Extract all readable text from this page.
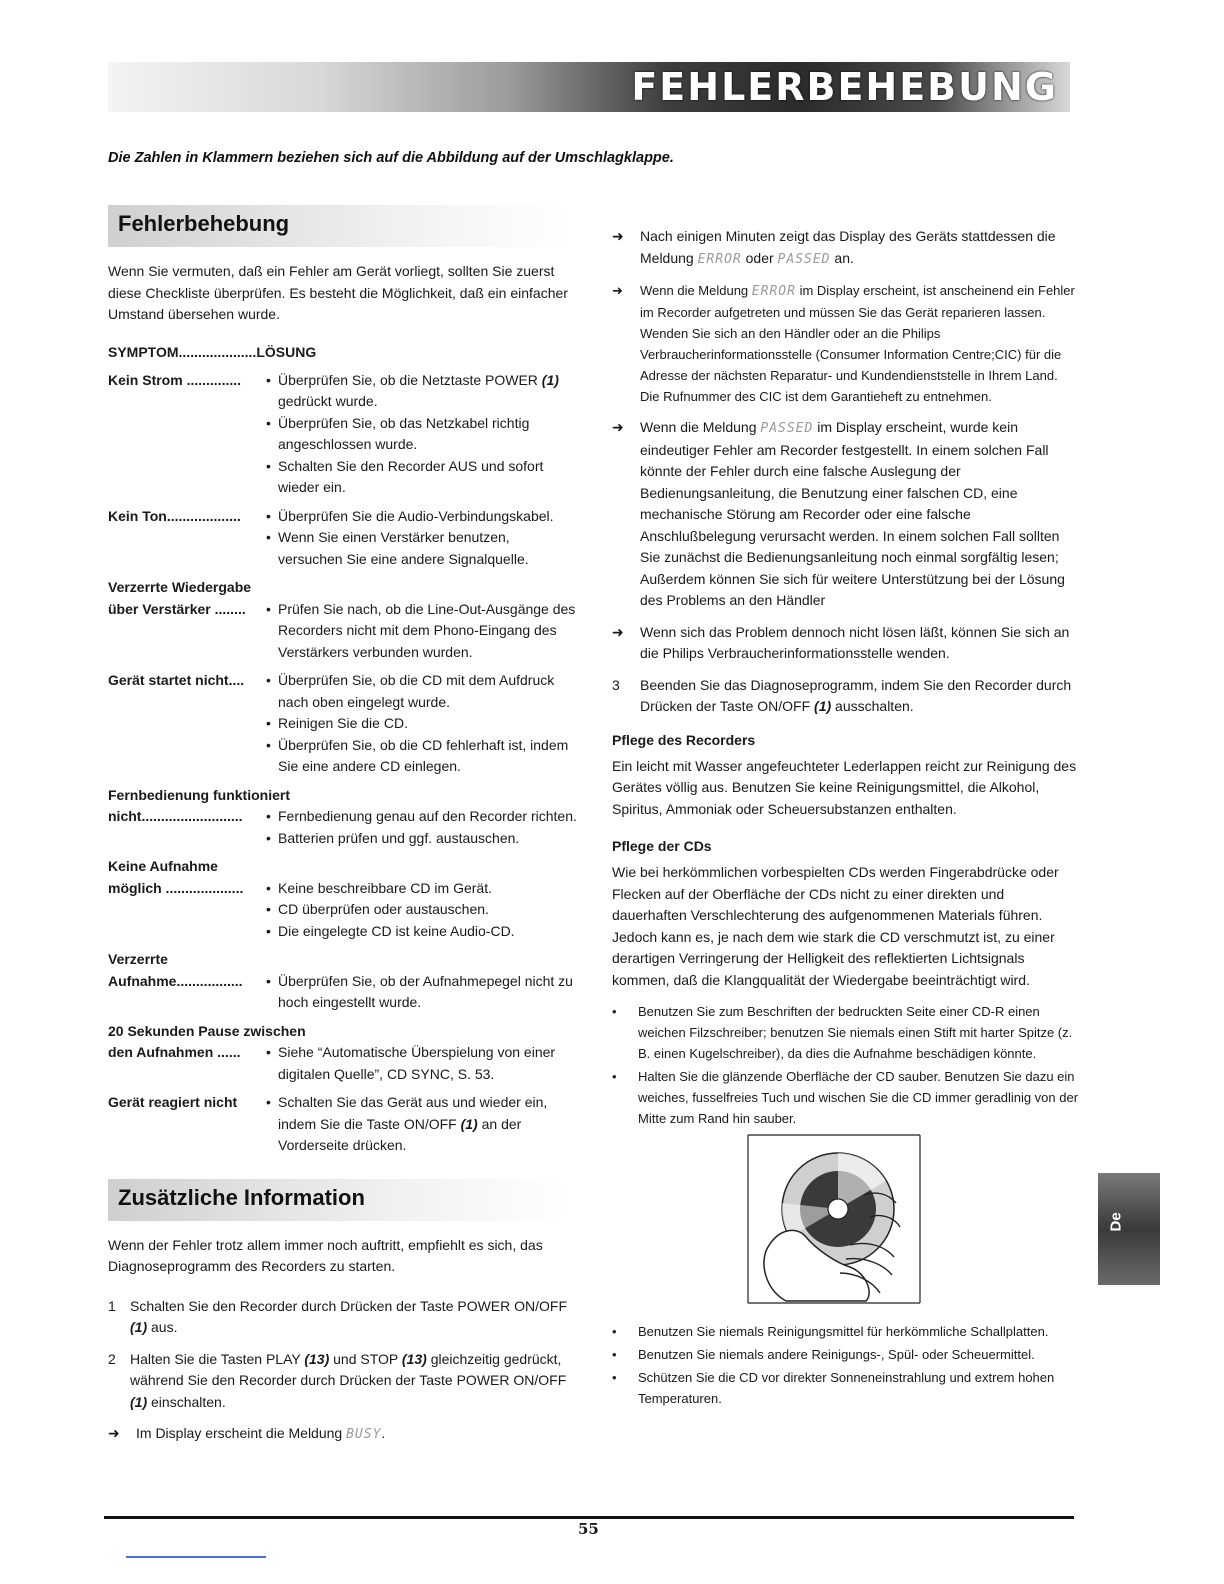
FEHLERBEHEBUNG

Die Zahlen in Klammern beziehen sich auf die Abbildung auf der Umschlagklappe.

Fehlerbehebung

Wenn Sie vermuten, daß ein Fehler am Gerät vorliegt, sollten Sie zuerst diese Checkliste überprüfen. Es besteht die Möglichkeit, daß ein einfacher Umstand übersehen wurde.

SYMPTOM....................LÖSUNG
Kein Strom ..............	• Überprüfen Sie, ob die Netztaste POWER (1) gedrückt wurde.
• Überprüfen Sie, ob das Netzkabel richtig angeschlossen wurde.
• Schalten Sie den Recorder AUS und sofort wieder ein.
Kein Ton...................	• Überprüfen Sie die Audio-Verbindungskabel.
• Wenn Sie einen Verstärker benutzen, versuchen Sie eine andere Signalquelle.
Verzerrte Wiedergabe
über Verstärker ........	• Prüfen Sie nach, ob die Line-Out-Ausgänge des Recorders nicht mit dem Phono-Eingang des Verstärkers verbunden wurden.
Gerät startet nicht....	• Überprüfen Sie, ob die CD mit dem Aufdruck nach oben eingelegt wurde.
• Reinigen Sie die CD.
• Überprüfen Sie, ob die CD fehlerhaft ist, indem Sie eine andere CD einlegen.
Fernbedienung funktioniert
nicht..........................	• Fernbedienung genau auf den Recorder richten.
• Batterien prüfen und ggf. austauschen.
Keine Aufnahme
möglich ....................	• Keine beschreibbare CD im Gerät.
• CD überprüfen oder austauschen.
• Die eingelegte CD ist keine Audio-CD.
Verzerrte
Aufnahme.................	• Überprüfen Sie, ob der Aufnahmepegel nicht zu hoch eingestellt wurde.
20 Sekunden Pause zwischen
den Aufnahmen ......	• Siehe “Automatische Überspielung von einer digitalen Quelle”, CD SYNC, S. 53.
Gerät reagiert nicht	• Schalten Sie das Gerät aus und wieder ein, indem Sie die Taste ON/OFF (1) an der Vorderseite drücken.
Zusätzliche Information

Wenn der Fehler trotz allem immer noch auftritt, empfiehlt es sich, das Diagnoseprogramm des Recorders zu starten.

1	Schalten Sie den Recorder durch Drücken der Taste POWER ON/OFF (1) aus.
2	Halten Sie die Tasten PLAY (13) und STOP (13) gleichzeitig gedrückt, während Sie den Recorder durch Drücken der Taste POWER ON/OFF (1) einschalten.
➜	Im Display erscheint die Meldung BUSY.
➜	Nach einigen Minuten zeigt das Display des Geräts stattdessen die Meldung ERROR oder PASSED an.
➜	Wenn die Meldung ERROR im Display erscheint, ist anscheinend ein Fehler im Recorder aufgetreten und müssen Sie das Gerät reparieren lassen. Wenden Sie sich an den Händler oder an die Philips Verbraucherinformationsstelle (Consumer Information Centre;CIC) für die Adresse der nächsten Reparatur- und Kundendienststelle in Ihrem Land. Die Rufnummer des CIC ist dem Garantieheft zu entnehmen.
➜	Wenn die Meldung PASSED im Display erscheint, wurde kein eindeutiger Fehler am Recorder festgestellt. In einem solchen Fall könnte der Fehler durch eine falsche Auslegung der Bedienungsanleitung, die Benutzung einer falschen CD, eine mechanische Störung am Recorder oder eine falsche Anschlußbelegung verursacht werden. In einem solchen Fall sollten Sie zunächst die Bedienungsanleitung noch einmal sorgfältig lesen; Außerdem können Sie sich für weitere Unterstützung bei der Lösung des Problems an den Händler
➜	Wenn sich das Problem dennoch nicht lösen läßt, können Sie sich an die Philips Verbraucherinformationsstelle wenden.
3	Beenden Sie das Diagnoseprogramm, indem Sie den Recorder durch Drücken der Taste ON/OFF (1) ausschalten.
Pflege des Recorders

Ein leicht mit Wasser angefeuchteter Lederlappen reicht zur Reinigung des Gerätes völlig aus. Benutzen Sie keine Reinigungsmittel, die Alkohol, Spiritus, Ammoniak oder Scheuersubstanzen enthalten.

Pflege der CDs

Wie bei herkömmlichen vorbespielten CDs werden Fingerabdrücke oder Flecken auf der Oberfläche der CDs nicht zu einer direkten und dauerhaften Verschlechterung des aufgenommenen Materials führen. Jedoch kann es, je nach dem wie stark die CD verschmutzt ist, zu einer derartigen Verringerung der Helligkeit des reflektierten Lichtsignals kommen, daß die Klangqualität der Wiedergabe beeinträchtigt wird.

•	Benutzen Sie zum Beschriften der bedruckten Seite einer CD-R einen weichen Filzschreiber; benutzen Sie niemals einen Stift mit harter Spitze (z. B. einen Kugelschreiber), da dies die Aufnahme beschädigen könnte.
•	Halten Sie die glänzende Oberfläche der CD sauber. Benutzen Sie dazu ein weiches, fusselfreies Tuch und wischen Sie die CD immer geradlinig von der Mitte zum Rand hin sauber.
•	Benutzen Sie niemals Reinigungsmittel für herkömmliche Schallplatten.
•	Benutzen Sie niemals andere Reinigungs-, Spül- oder Scheuermittel.
•	Schützen Sie die CD vor direkter Sonneneinstrahlung und extrem hohen Temperaturen.
De

55
